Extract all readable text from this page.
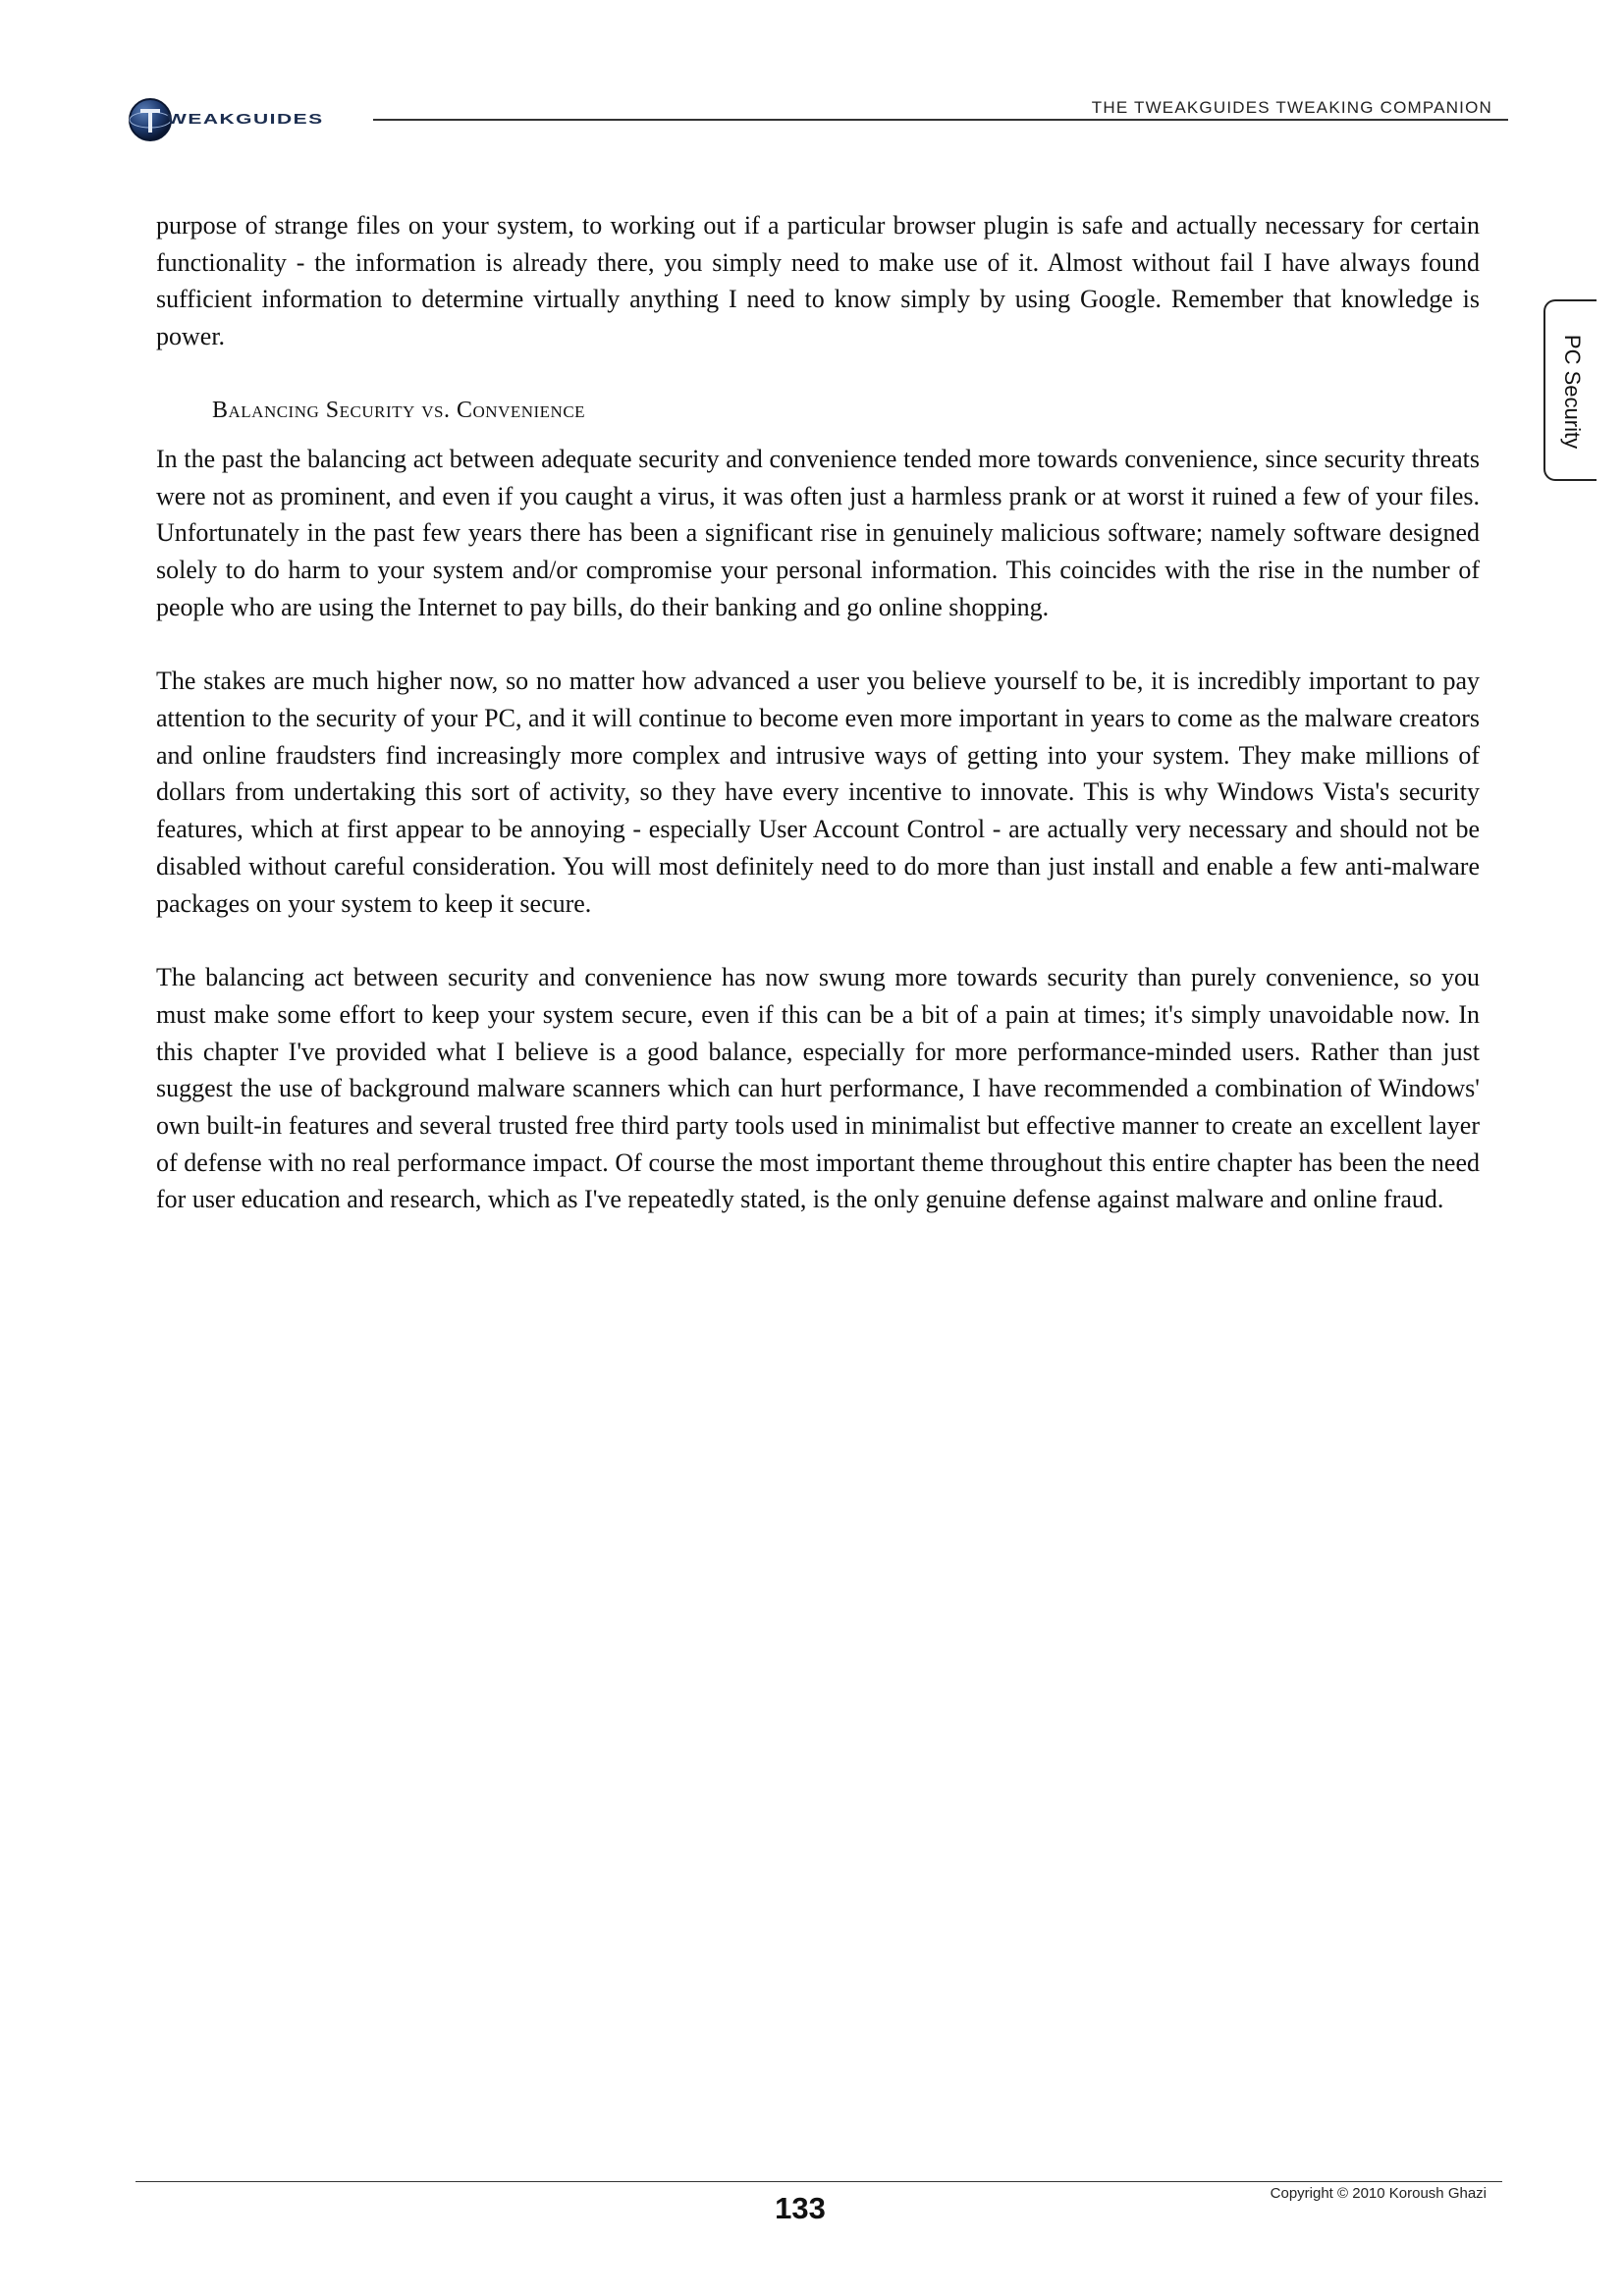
WEAKGUIDES
THE TWEAKGUIDES TWEAKING COMPANION
PC Security

purpose of strange files on your system, to working out if a particular browser plugin is safe and actually necessary for certain functionality - the information is already there, you simply need to make use of it. Almost without fail I have always found sufficient information to determine virtually anything I need to know simply by using Google. Remember that knowledge is power.

Balancing Security vs. Convenience

In the past the balancing act between adequate security and convenience tended more towards convenience, since security threats were not as prominent, and even if you caught a virus, it was often just a harmless prank or at worst it ruined a few of your files. Unfortunately in the past few years there has been a significant rise in genuinely malicious software; namely software designed solely to do harm to your system and/or compromise your personal information. This coincides with the rise in the number of people who are using the Internet to pay bills, do their banking and go online shopping.

The stakes are much higher now, so no matter how advanced a user you believe yourself to be, it is incredibly important to pay attention to the security of your PC, and it will continue to become even more important in years to come as the malware creators and online fraudsters find increasingly more complex and intrusive ways of getting into your system. They make millions of dollars from undertaking this sort of activity, so they have every incentive to innovate. This is why Windows Vista's security features, which at first appear to be annoying - especially User Account Control - are actually very necessary and should not be disabled without careful consideration. You will most definitely need to do more than just install and enable a few anti-malware packages on your system to keep it secure.

The balancing act between security and convenience has now swung more towards security than purely convenience, so you must make some effort to keep your system secure, even if this can be a bit of a pain at times; it's simply unavoidable now. In this chapter I've provided what I believe is a good balance, especially for more performance-minded users. Rather than just suggest the use of background malware scanners which can hurt performance, I have recommended a combination of Windows' own built-in features and several trusted free third party tools used in minimalist but effective manner to create an excellent layer of defense with no real performance impact. Of course the most important theme throughout this entire chapter has been the need for user education and research, which as I've repeatedly stated, is the only genuine defense against malware and online fraud.

Copyright © 2010 Koroush Ghazi
133
